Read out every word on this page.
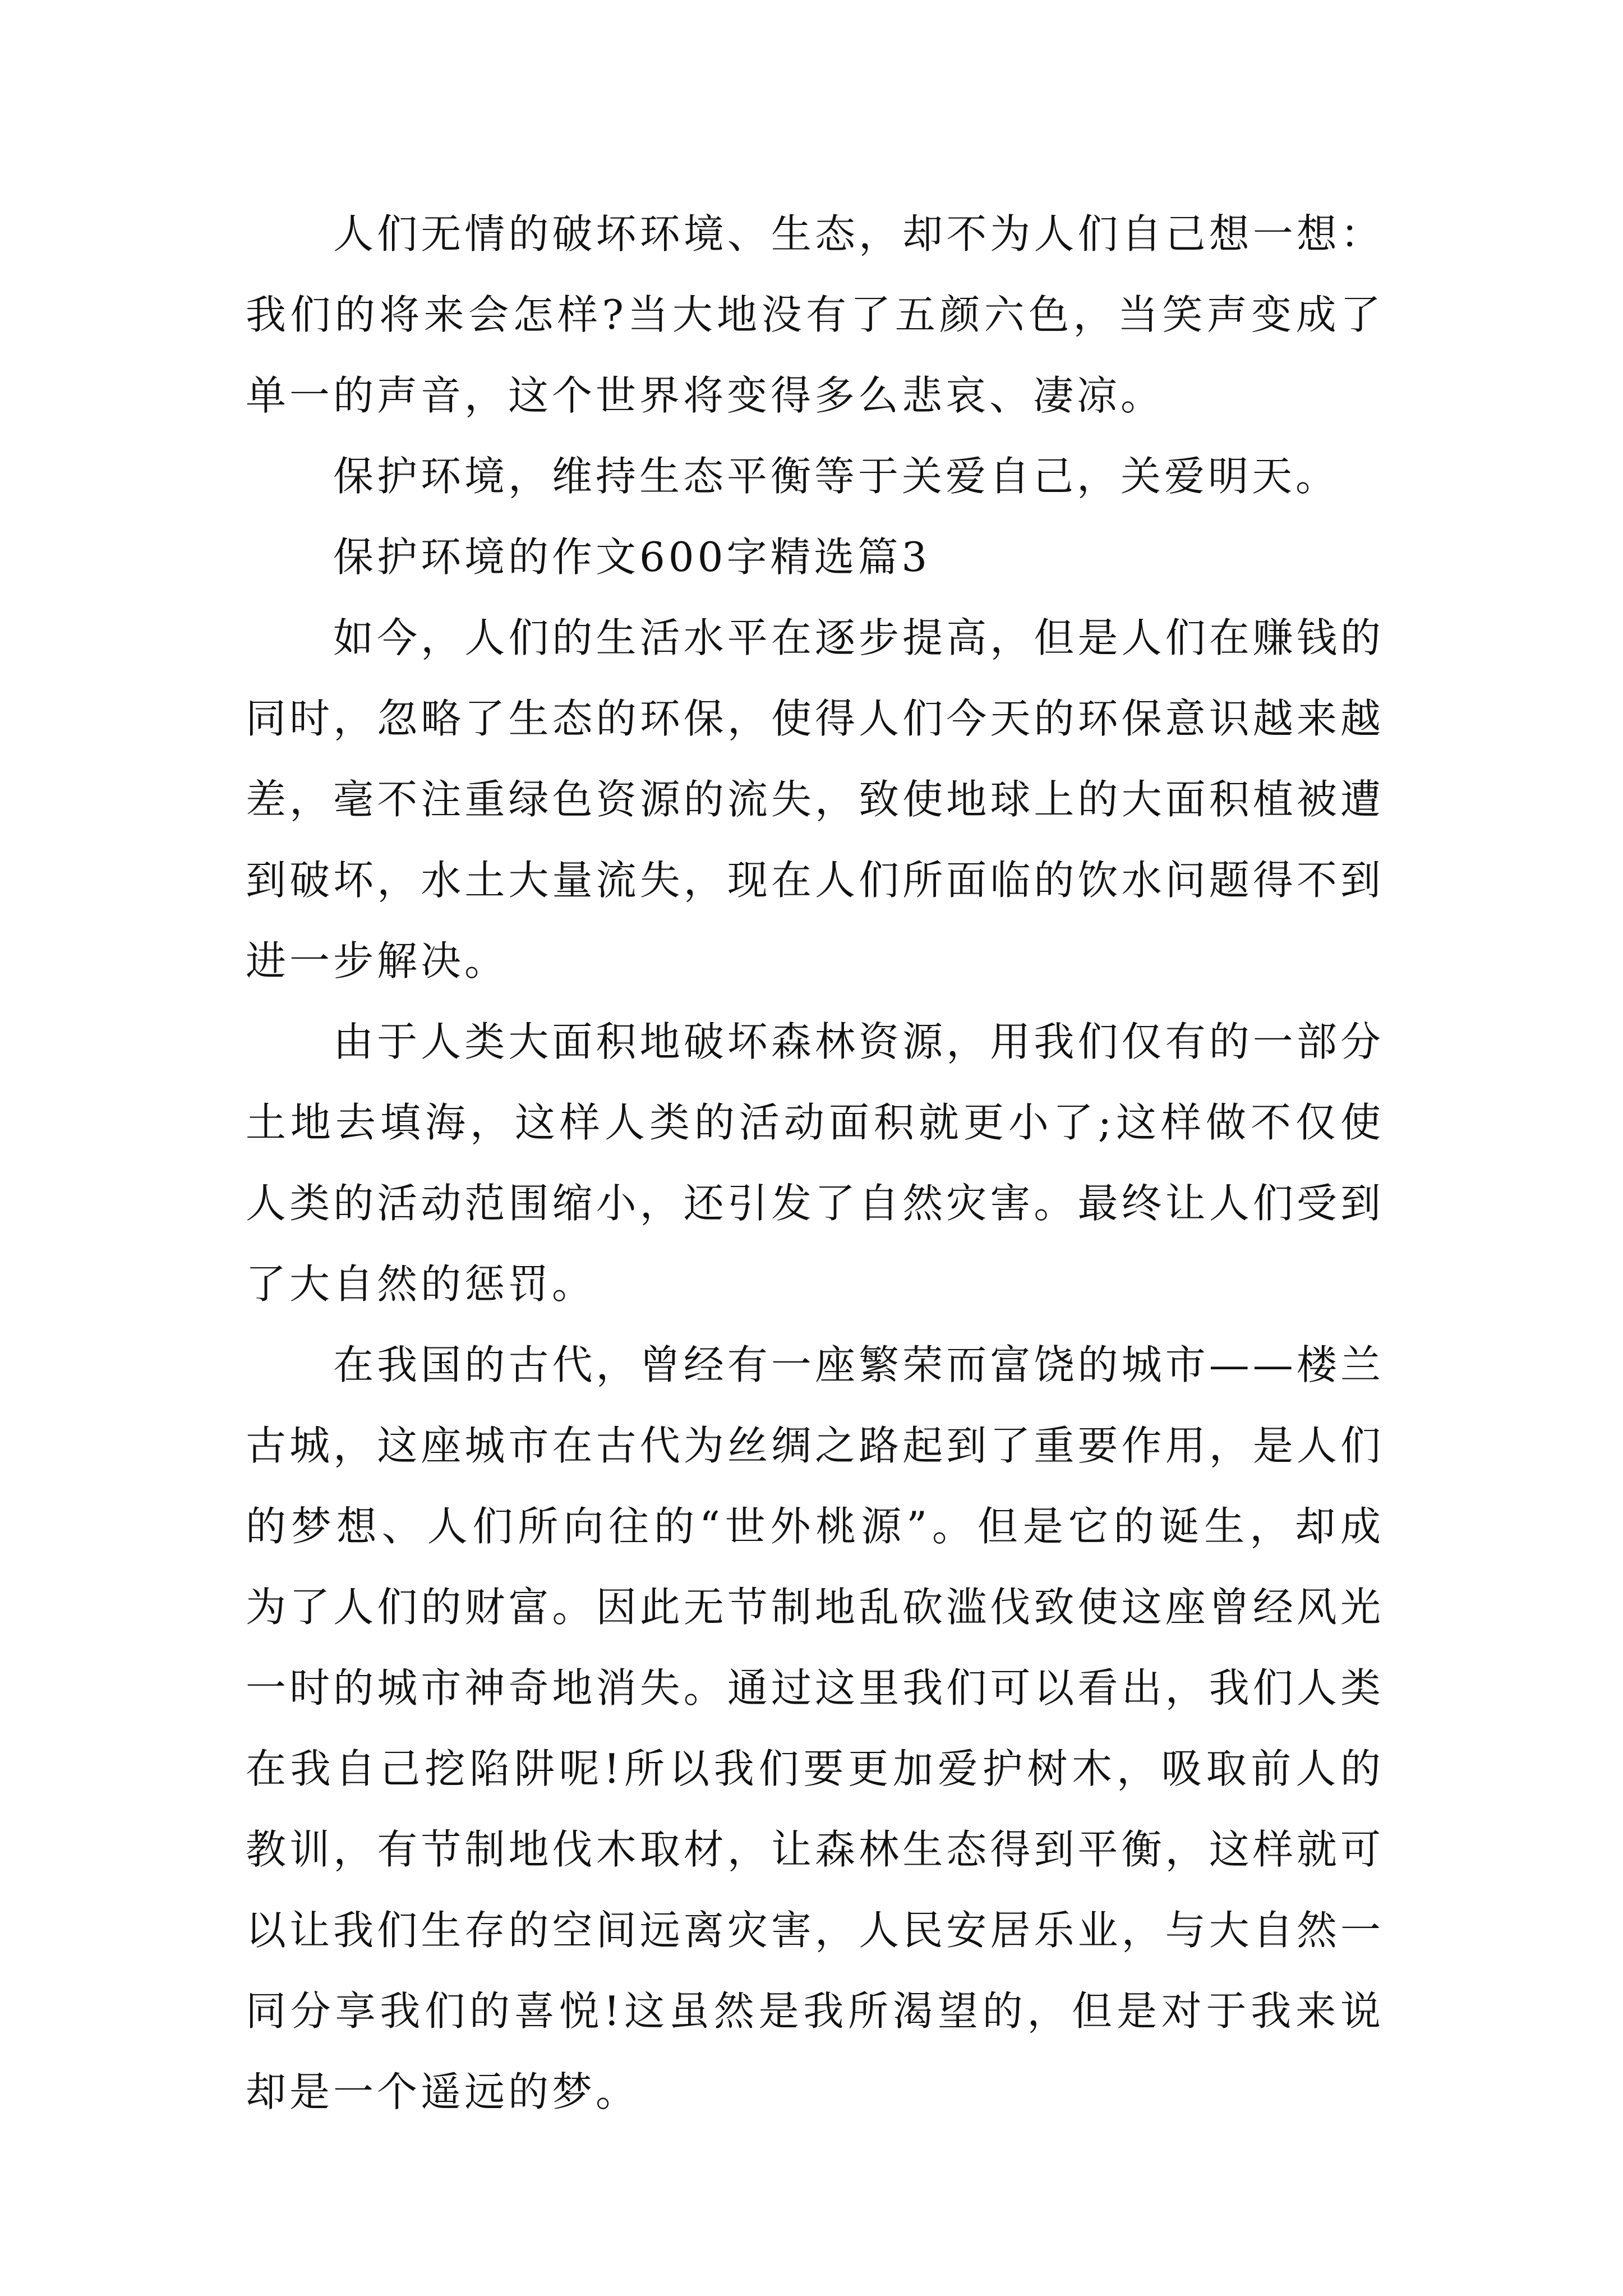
人们无情的破坏环境、生态，却不为人们自己想一想：我们的将来会怎样?当大地没有了五颜六色，当笑声变成了单一的声音，这个世界将变得多么悲哀、凄凉。

保护环境，维持生态平衡等于关爱自己，关爱明天。

保护环境的作文600字精选篇3

如今，人们的生活水平在逐步提高，但是人们在赚钱的同时，忽略了生态的环保，使得人们今天的环保意识越来越差，毫不注重绿色资源的流失，致使地球上的大面积植被遭到破坏，水土大量流失，现在人们所面临的饮水问题得不到进一步解决。

由于人类大面积地破坏森林资源，用我们仅有的一部分土地去填海，这样人类的活动面积就更小了;这样做不仅使人类的活动范围缩小，还引发了自然灾害。最终让人们受到了大自然的惩罚。

在我国的古代，曾经有一座繁荣而富饶的城市——楼兰古城，这座城市在古代为丝绸之路起到了重要作用，是人们的梦想、人们所向往的“世外桃源”。但是它的诞生，却成为了人们的财富。因此无节制地乱砍滥伐致使这座曾经风光一时的城市神奇地消失。通过这里我们可以看出，我们人类在我自己挖陷阱呢!所以我们要更加爱护树木，吸取前人的教训，有节制地伐木取材，让森林生态得到平衡，这样就可以让我们生存的空间远离灾害，人民安居乐业，与大自然一同分享我们的喜悦!这虽然是我所渴望的，但是对于我来说却是一个遥远的梦。
